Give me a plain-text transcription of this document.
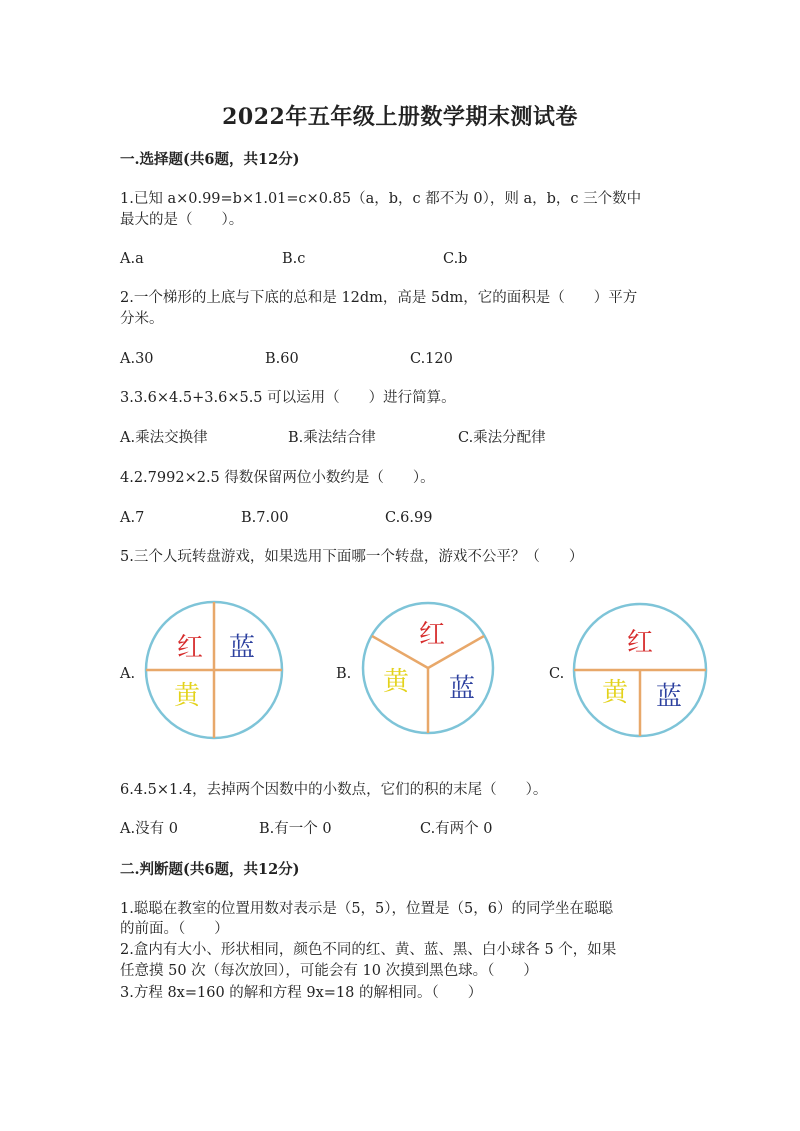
2022年五年级上册数学期末测试卷
一.选择题(共6题，共12分)
1.已知 a×0.99=b×1.01=c×0.85（a，b，c 都不为 0），则 a，b，c 三个数中
最大的是（　　）。
A.a	B.c	C.b
2.一个梯形的上底与下底的总和是 12dm，高是 5dm，它的面积是（　　）平方
分米。
A.30	B.60	C.120
3.3.6×4.5+3.6×5.5 可以运用（　　）进行简算。
A.乘法交换律	B.乘法结合律	C.乘法分配律
4.2.7992×2.5 得数保留两位小数约是（　　）。
A.7	B.7.00	C.6.99
5.三个人玩转盘游戏，如果选用下面哪一个转盘，游戏不公平？（　　）
A.	B.	C.
红 蓝
黄
红
黄 蓝
红
黄 蓝
6.4.5×1.4，去掉两个因数中的小数点，它们的积的末尾（　　）。
A.没有 0	B.有一个 0	C.有两个 0
二.判断题(共6题，共12分)
1.聪聪在教室的位置用数对表示是（5，5），位置是（5，6）的同学坐在聪聪
的前面。（　　）
2.盒内有大小、形状相同，颜色不同的红、黄、蓝、黑、白小球各 5 个，如果
任意摸 50 次（每次放回），可能会有 10 次摸到黑色球。（　　）
3.方程 8x=160 的解和方程 9x=18 的解相同。（　　）
